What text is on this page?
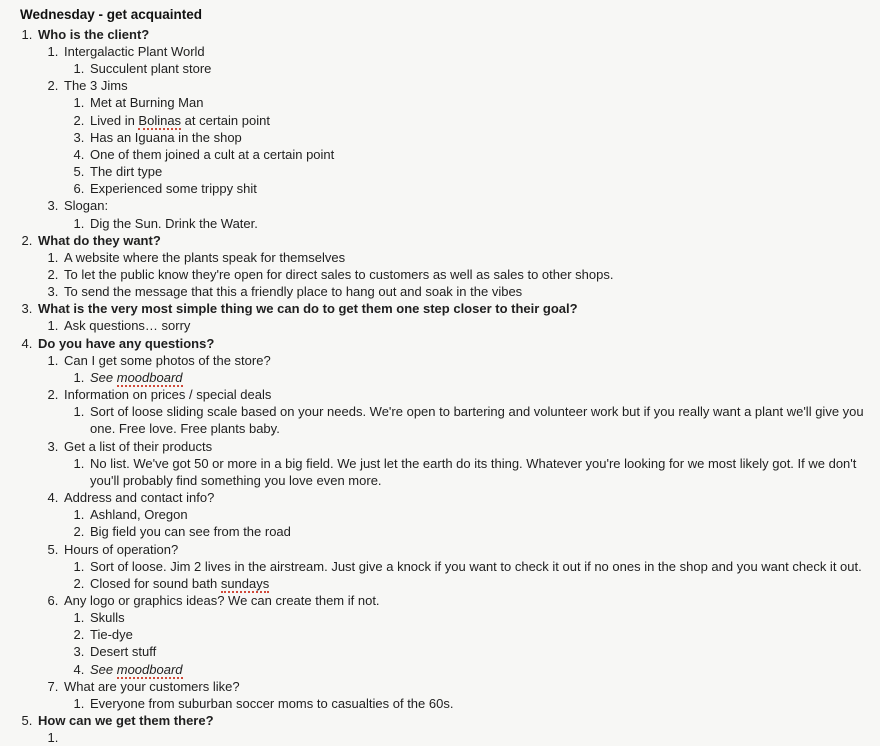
Wednesday - get acquainted
1. Who is the client?
1. Intergalactic Plant World
1. Succulent plant store
2. The 3 Jims
1. Met at Burning Man
2. Lived in Bolinas at certain point
3. Has an Iguana in the shop
4. One of them joined a cult at a certain point
5. The dirt type
6. Experienced some trippy shit
3. Slogan:
1. Dig the Sun. Drink the Water.
2. What do they want?
1. A website where the plants speak for themselves
2. To let the public know they're open for direct sales to customers as well as sales to other shops.
3. To send the message that this a friendly place to hang out and soak in the vibes
3. What is the very most simple thing we can do to get them one step closer to their goal?
1. Ask questions… sorry
4. Do you have any questions?
1. Can I get some photos of the store?
1. See moodboard
2. Information on prices / special deals
1. Sort of loose sliding scale based on your needs. We're open to bartering and volunteer work but if you really want a plant we'll give you one. Free love. Free plants baby.
3. Get a list of their products
1. No list. We've got 50 or more in a big field. We just let the earth do its thing. Whatever you're looking for we most likely got. If we don't you'll probably find something you love even more.
4. Address and contact info?
1. Ashland, Oregon
2. Big field you can see from the road
5. Hours of operation?
1. Sort of loose. Jim 2 lives in the airstream. Just give a knock if you want to check it out if no ones in the shop and you want check it out.
2. Closed for sound bath sundays
6. Any logo or graphics ideas? We can create them if not.
1. Skulls
2. Tie-dye
3. Desert stuff
4. See moodboard
7. What are your customers like?
1. Everyone from suburban soccer moms to casualties of the 60s.
5. How can we get them there?
1.
